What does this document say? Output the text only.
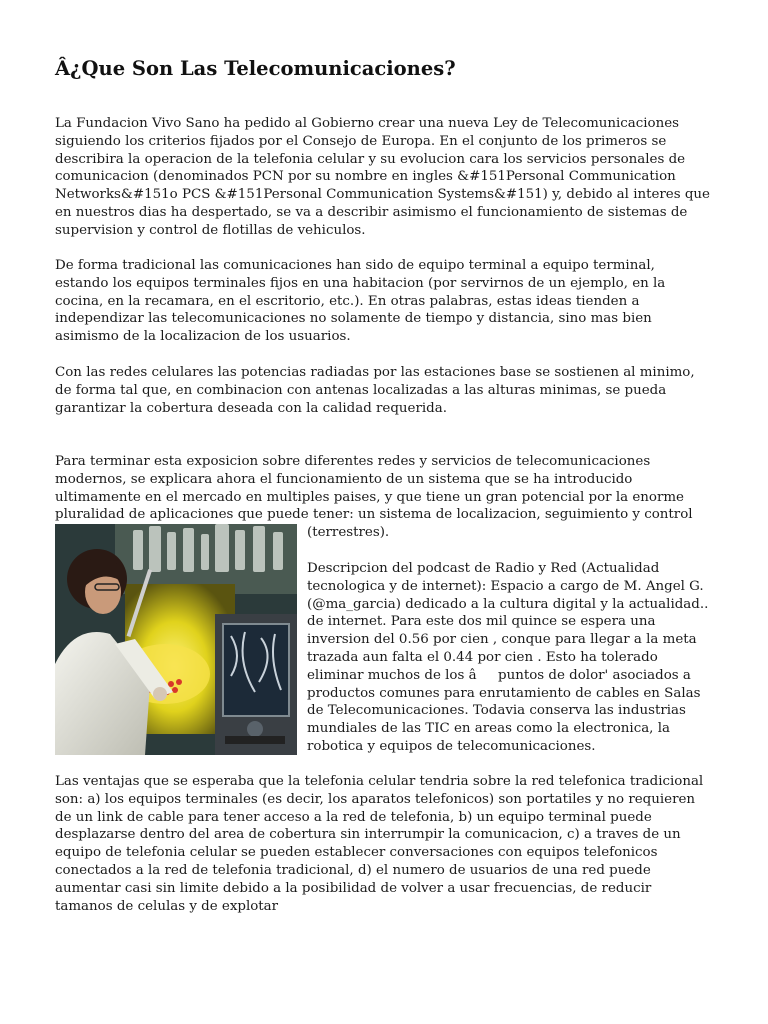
Â¿Que Son Las Telecomunicaciones?

La Fundacion Vivo Sano ha pedido al Gobierno crear una nueva Ley de Telecomunicaciones siguiendo los criterios fijados por el Consejo de Europa. En el conjunto de los primeros se describira la operacion de la telefonia celular y su evolucion cara los servicios personales de comunicacion (denominados PCN por su nombre en ingles &#151Personal Communication Networks&#151o PCS &#151Personal Communication Systems&#151) y, debido al interes que en nuestros dias ha despertado, se va a describir asimismo el funcionamiento de sistemas de supervision y control de flotillas de vehiculos.

De forma tradicional las comunicaciones han sido de equipo terminal a equipo terminal, estando los equipos terminales fijos en una habitacion (por servirnos de un ejemplo, en la cocina, en la recamara, en el escritorio, etc.). En otras palabras, estas ideas tienden a independizar las telecomunicaciones no solamente de tiempo y distancia, sino mas bien asimismo de la localizacion de los usuarios.

Con las redes celulares las potencias radiadas por las estaciones base se sostienen al minimo, de forma tal que, en combinacion con antenas localizadas a las alturas minimas, se pueda garantizar la cobertura deseada con la calidad requerida.

Para terminar esta exposicion sobre diferentes redes y servicios de telecomunicaciones modernos, se explicara ahora el funcionamiento de un sistema que se ha introducido ultimamente en el mercado en multiples paises, y que tiene un gran potencial por la enorme pluralidad de aplicaciones que puede tener: un sistema de localizacion, seguimiento y control

(terrestres).

Descripcion del podcast de Radio y Red (Actualidad tecnologica y de internet): Espacio a cargo de M. Angel G. (@ma_garcia) dedicado a la cultura digital y la actualidad.. de internet. Para este dos mil quince se espera una inversion del 0.56 por cien , conque para llegar a la meta trazada aun falta el 0.44 por cien . Esto ha tolerado eliminar muchos de los âpuntos de dolor' asociados a productos comunes para enrutamiento de cables en Salas de Telecomunicaciones. Todavia conserva las industrias mundiales de las TIC en areas como la electronica, la robotica y equipos de telecomunicaciones.

Las ventajas que se esperaba que la telefonia celular tendria sobre la red telefonica tradicional son: a) los equipos terminales (es decir, los aparatos telefonicos) son portatiles y no requieren de un link de cable para tener acceso a la red de telefonia, b) un equipo terminal puede desplazarse dentro del area de cobertura sin interrumpir la comunicacion, c) a traves de un equipo de telefonia celular se pueden establecer conversaciones con equipos telefonicos conectados a la red de telefonia tradicional, d) el numero de usuarios de una red puede aumentar casi sin limite debido a la posibilidad de volver a usar frecuencias, de reducir tamanos de celulas y de explotar
